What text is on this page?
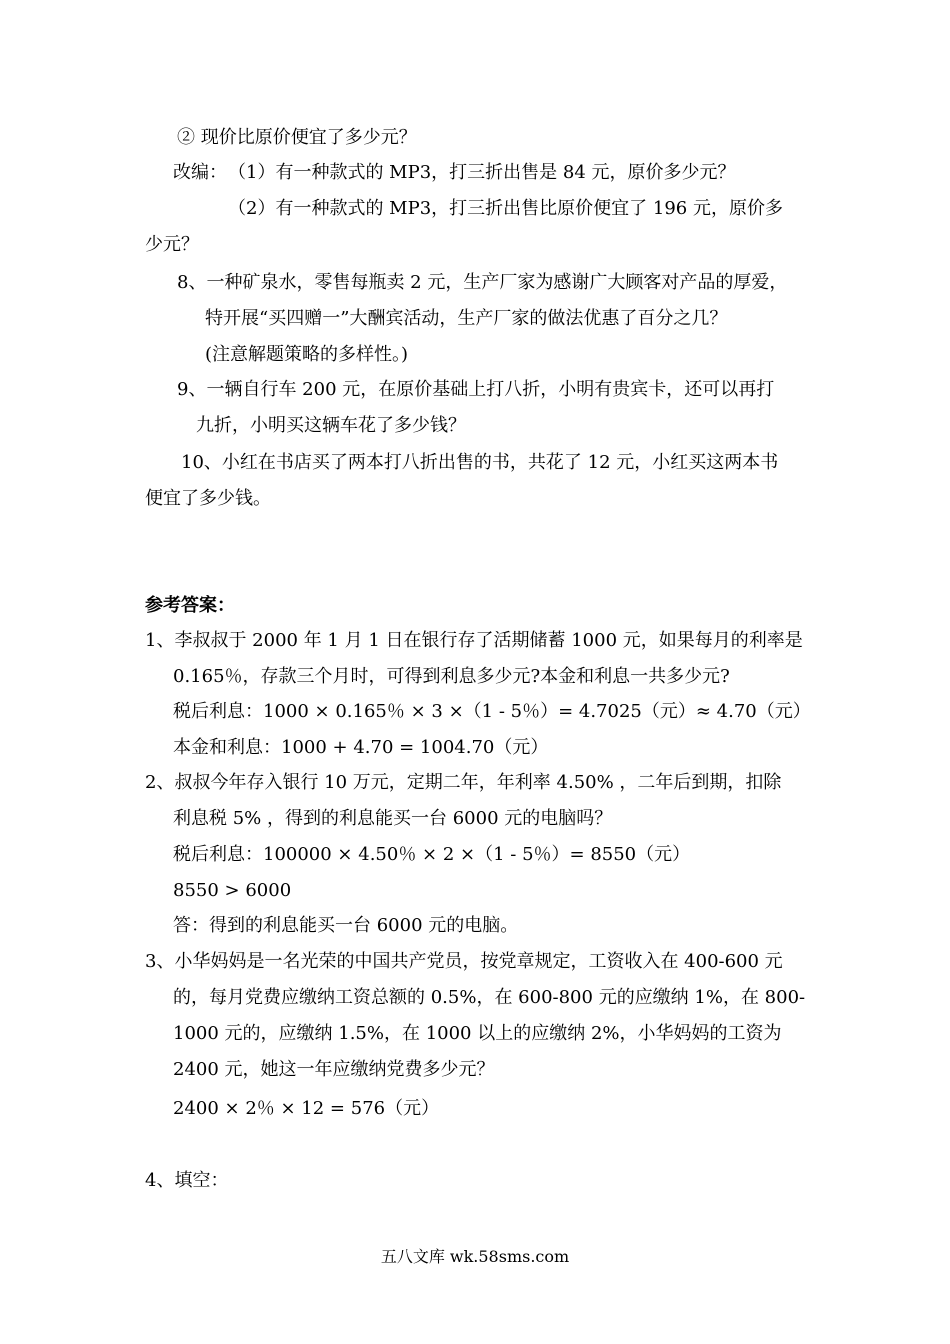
② 现价比原价便宜了多少元？
改编： （1）有一种款式的 MP3，打三折出售是 84 元，原价多少元？
（2）有一种款式的 MP3，打三折出售比原价便宜了 196 元，原价多
少元？
8、一种矿泉水，零售每瓶卖 2 元，生产厂家为感谢广大顾客对产品的厚爱，
特开展“买四赠一”大酬宾活动，生产厂家的做法优惠了百分之几？
(注意解题策略的多样性。)
9、一辆自行车 200 元，在原价基础上打八折，小明有贵宾卡，还可以再打
九折，小明买这辆车花了多少钱？
10、小红在书店买了两本打八折出售的书，共花了 12 元，小红买这两本书
便宜了多少钱。
参考答案：
1、李叔叔于 2000 年 1 月 1 日在银行存了活期储蓄 1000 元，如果每月的利率是
0.165％，存款三个月时，可得到利息多少元?本金和利息一共多少元?
税后利息：1000 × 0.165％ × 3 ×（1 - 5％）= 4.7025（元）≈ 4.70（元）
本金和利息：1000 + 4.70 = 1004.70（元）
2、叔叔今年存入银行 10 万元，定期二年，年利率 4.50% ，二年后到期，扣除
利息税 5% ，得到的利息能买一台 6000 元的电脑吗？
税后利息：100000 × 4.50％ × 2 ×（1 - 5％）= 8550（元）
8550 > 6000
答：得到的利息能买一台 6000 元的电脑。
3、小华妈妈是一名光荣的中国共产党员，按党章规定，工资收入在 400-600 元
的，每月党费应缴纳工资总额的 0.5%，在 600-800 元的应缴纳 1%，在 800-
1000 元的，应缴纳 1.5%，在 1000 以上的应缴纳 2%，小华妈妈的工资为
2400 元，她这一年应缴纳党费多少元？
2400 × 2％ × 12 = 576（元）
4、填空：
五八文库 wk.58sms.com
